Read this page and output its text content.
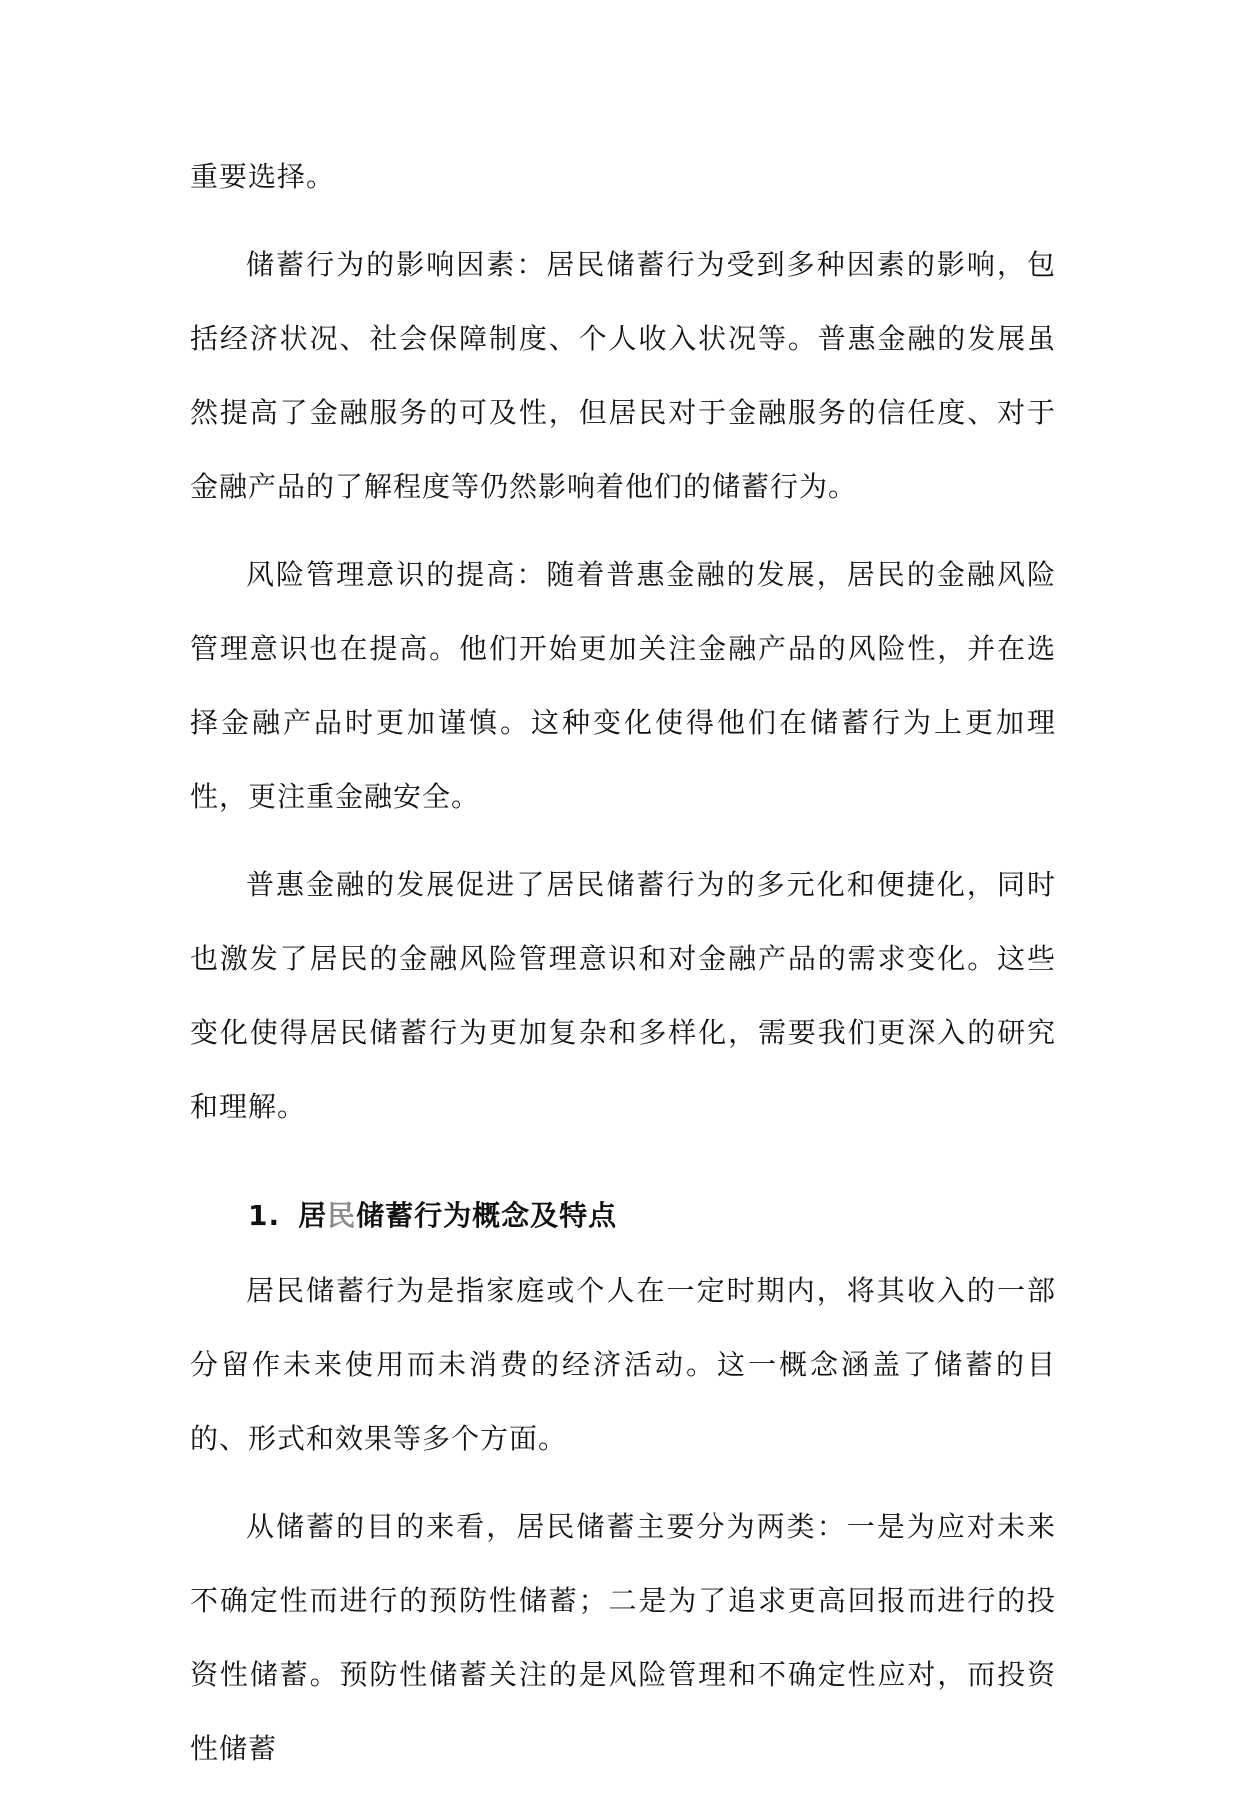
重要选择。

储蓄行为的影响因素：居民储蓄行为受到多种因素的影响，包括经济状况、社会保障制度、个人收入状况等。普惠金融的发展虽然提高了金融服务的可及性，但居民对于金融服务的信任度、对于金融产品的了解程度等仍然影响着他们的储蓄行为。

风险管理意识的提高：随着普惠金融的发展，居民的金融风险管理意识也在提高。他们开始更加关注金融产品的风险性，并在选择金融产品时更加谨慎。这种变化使得他们在储蓄行为上更加理性，更注重金融安全。

普惠金融的发展促进了居民储蓄行为的多元化和便捷化，同时也激发了居民的金融风险管理意识和对金融产品的需求变化。这些变化使得居民储蓄行为更加复杂和多样化，需要我们更深入的研究和理解。

1. 居民储蓄行为概念及特点

居民储蓄行为是指家庭或个人在一定时期内，将其收入的一部分留作未来使用而未消费的经济活动。这一概念涵盖了储蓄的目的、形式和效果等多个方面。

从储蓄的目的来看，居民储蓄主要分为两类：一是为应对未来不确定性而进行的预防性储蓄；二是为了追求更高回报而进行的投资性储蓄。预防性储蓄关注的是风险管理和不确定性应对，而投资性储蓄
